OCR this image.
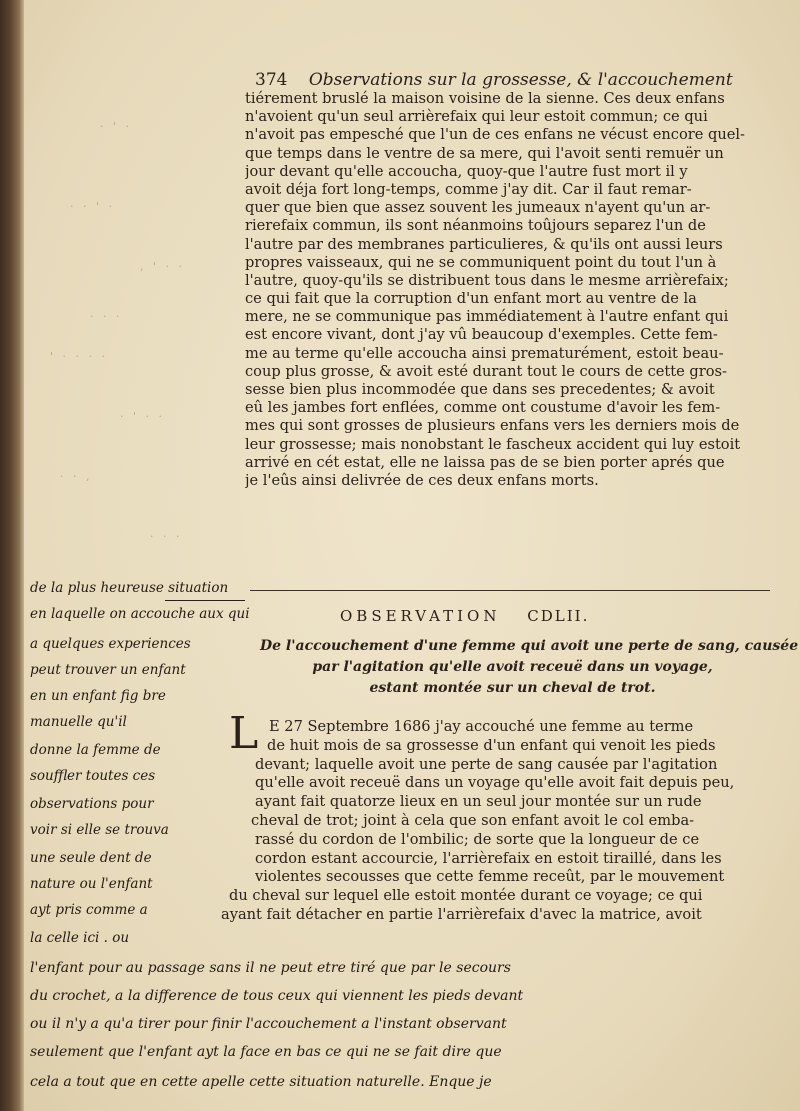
· ' ·
· · ' ·
, ' · ·
· · ·
' · · · ·
· ' · ·
· · ,
· · ·
374 Observations sur la grossesse, & l'accouchement
tiérement bruslé la maison voisine de la sienne. Ces deux enfans
n'avoient qu'un seul arrièrefaix qui leur estoit commun; ce qui
n'avoit pas empesché que l'un de ces enfans ne vécust encore quel-
que temps dans le ventre de sa mere, qui l'avoit senti remuër un
jour devant qu'elle accoucha, quoy-que l'autre fust mort il y
avoit déja fort long-temps, comme j'ay dit. Car il faut remar-
quer que bien que assez souvent les jumeaux n'ayent qu'un ar-
rierefaix commun, ils sont néanmoins toûjours separez l'un de
l'autre par des membranes particulieres, & qu'ils ont aussi leurs
propres vaisseaux, qui ne se communiquent point du tout l'un à
l'autre, quoy-qu'ils se distribuent tous dans le mesme arrièrefaix;
ce qui fait que la corruption d'un enfant mort au ventre de la
mere, ne se communique pas immédiatement à l'autre enfant qui
est encore vivant, dont j'ay vû beaucoup d'exemples. Cette fem-
me au terme qu'elle accoucha ainsi prematurément, estoit beau-
coup plus grosse, & avoit esté durant tout le cours de cette gros-
sesse bien plus incommodée que dans ses precedentes; & avoit
eû les jambes fort enflées, comme ont coustume d'avoir les fem-
mes qui sont grosses de plusieurs enfans vers les derniers mois de
leur grossesse; mais nonobstant le fascheux accident qui luy estoit
arrivé en cét estat, elle ne laissa pas de se bien porter aprés que
je l'eûs ainsi delivrée de ces deux enfans morts.
OBSERVATION CDLII.
De l'accouchement d'une femme qui avoit une perte de sang, causée
par l'agitation qu'elle avoit receuë dans un voyage,
estant montée sur un cheval de trot.
L E 27 Septembre 1686 j'ay accouché une femme au terme
de huit mois de sa grossesse d'un enfant qui venoit les pieds
devant; laquelle avoit une perte de sang causée par l'agitation
qu'elle avoit receuë dans un voyage qu'elle avoit fait depuis peu,
ayant fait quatorze lieux en un seul jour montée sur un rude
cheval de trot; joint à cela que son enfant avoit le col emba-
rassé du cordon de l'ombilic; de sorte que la longueur de ce
cordon estant accourcie, l'arrièrefaix en estoit tiraillé, dans les
violentes secousses que cette femme receût, par le mouvement
du cheval sur lequel elle estoit montée durant ce voyage; ce qui
ayant fait détacher en partie l'arrièrefaix d'avec la matrice, avoit
de la plus heureuse situation
en laquelle on accouche aux qui
a quelques experiences
peut trouver un enfant
en un enfant fig bre
manuelle qu'il
donne la femme de
souffler toutes ces
observations pour
voir si elle se trouva
une seule dent de
nature ou l'enfant
ayt pris comme a
la celle ici . ou
l'enfant pour au passage sans il ne peut etre tiré que par le secours
du crochet, a la difference de tous ceux qui viennent les pieds devant
ou il n'y a qu'a tirer pour finir l'accouchement a l'instant observant
seulement que l'enfant ayt la face en bas ce qui ne se fait dire que
cela a tout que en cette apelle cette situation naturelle. Enque je
